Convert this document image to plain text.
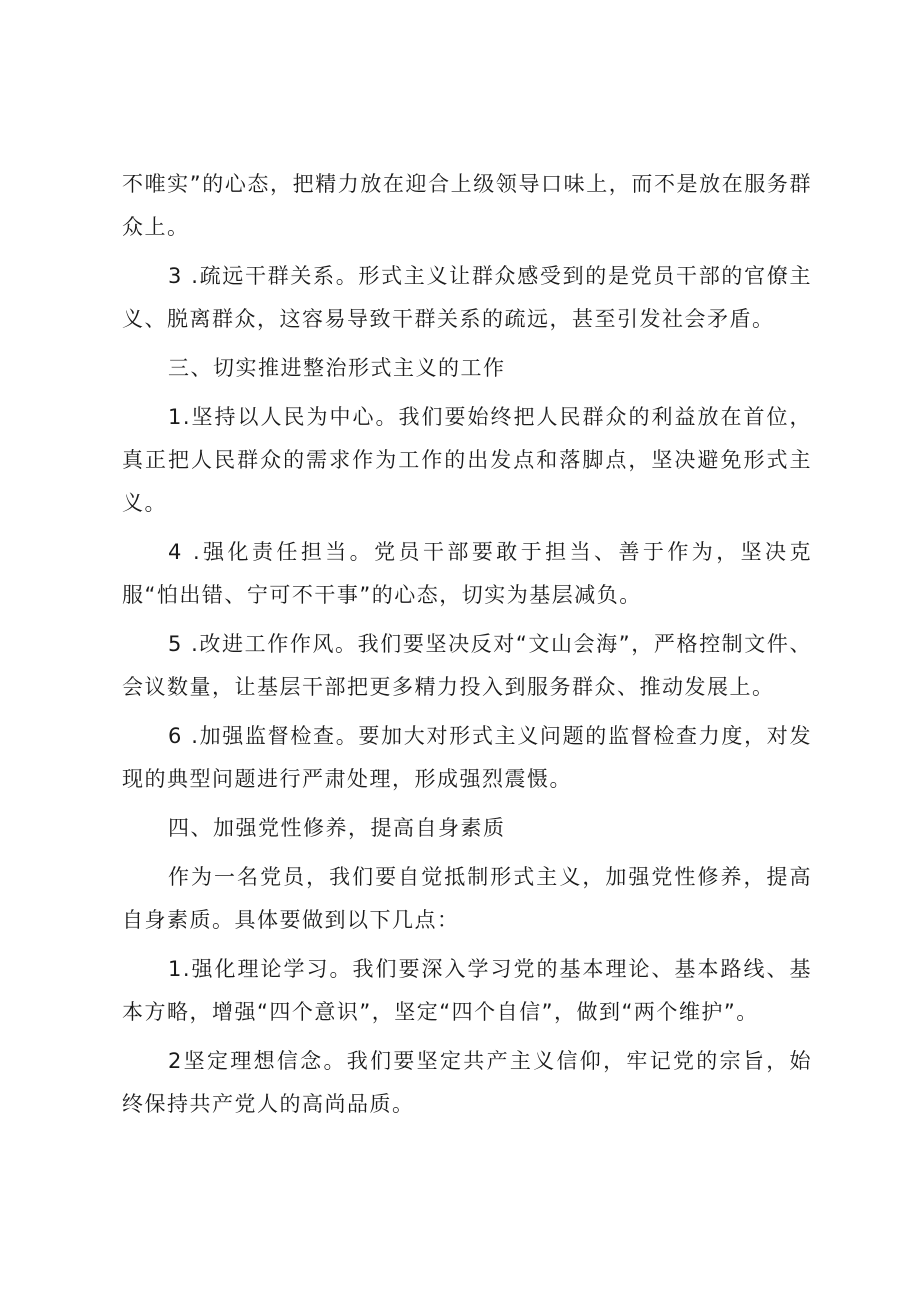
不唯实”的心态，把精力放在迎合上级领导口味上，而不是放在服务群众上。

3 .疏远干群关系。形式主义让群众感受到的是党员干部的官僚主义、脱离群众，这容易导致干群关系的疏远，甚至引发社会矛盾。

三、切实推进整治形式主义的工作

1.坚持以人民为中心。我们要始终把人民群众的利益放在首位，真正把人民群众的需求作为工作的出发点和落脚点，坚决避免形式主义。

4 .强化责任担当。党员干部要敢于担当、善于作为，坚决克服“怕出错、宁可不干事”的心态，切实为基层减负。

5 .改进工作作风。我们要坚决反对“文山会海”，严格控制文件、会议数量，让基层干部把更多精力投入到服务群众、推动发展上。

6 .加强监督检查。要加大对形式主义问题的监督检查力度，对发现的典型问题进行严肃处理，形成强烈震慑。

四、加强党性修养，提高自身素质

作为一名党员，我们要自觉抵制形式主义，加强党性修养，提高自身素质。具体要做到以下几点：

1.强化理论学习。我们要深入学习党的基本理论、基本路线、基本方略，增强“四个意识”，坚定“四个自信”，做到“两个维护”。

2坚定理想信念。我们要坚定共产主义信仰，牢记党的宗旨，始终保持共产党人的高尚品质。
